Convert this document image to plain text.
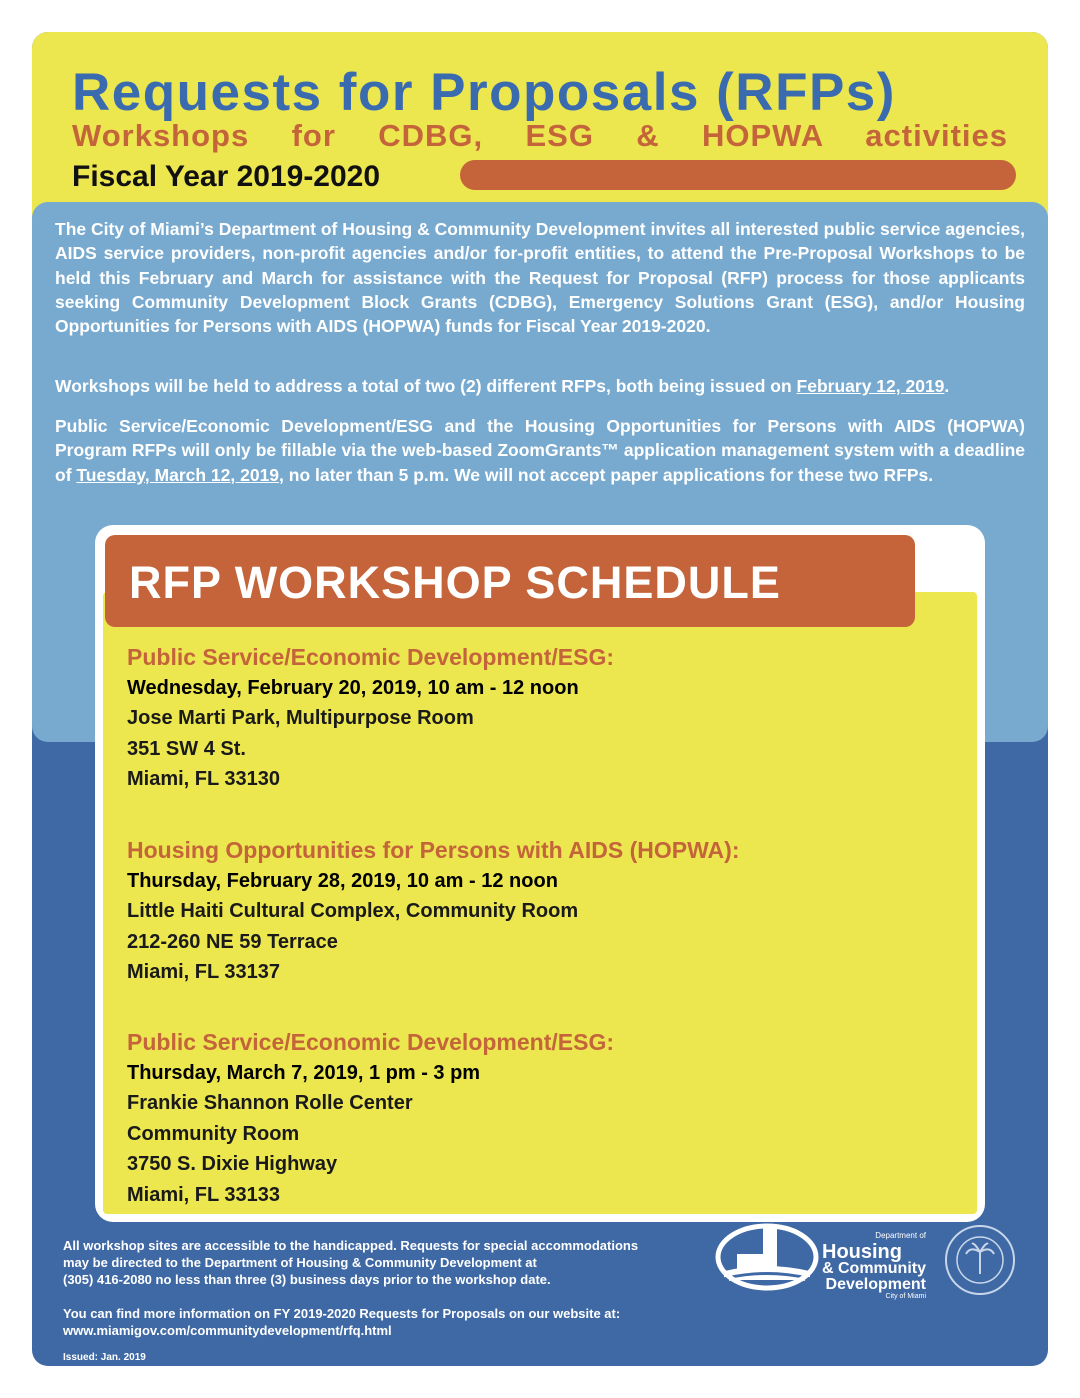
Requests for Proposals (RFPs)
Workshops for CDBG, ESG & HOPWA activities
Fiscal Year 2019-2020
The City of Miami’s Department of Housing & Community Development invites all interested public service agencies, AIDS service providers, non-profit agencies and/or for-profit entities, to attend the Pre-Proposal Workshops to be held this February and March for assistance with the Request for Proposal (RFP) process for those applicants seeking Community Development Block Grants (CDBG), Emergency Solutions Grant (ESG), and/or Housing Opportunities for Persons with AIDS (HOPWA) funds for Fiscal Year 2019-2020.
Workshops will be held to address a total of two (2) different RFPs, both being issued on February 12, 2019.
Public Service/Economic Development/ESG and the Housing Opportunities for Persons with AIDS (HOPWA) Program RFPs will only be fillable via the web-based ZoomGrants™ application management system with a deadline of Tuesday, March 12, 2019, no later than 5 p.m. We will not accept paper applications for these two RFPs.
RFP WORKSHOP SCHEDULE
Public Service/Economic Development/ESG:
Wednesday, February 20, 2019, 10 am - 12 noon
Jose Marti Park, Multipurpose Room
351 SW 4 St.
Miami, FL 33130
Housing Opportunities for Persons with AIDS (HOPWA):
Thursday, February 28, 2019, 10 am - 12 noon
Little Haiti Cultural Complex, Community Room
212-260 NE 59 Terrace
Miami, FL 33137
Public Service/Economic Development/ESG:
Thursday, March 7, 2019, 1 pm - 3 pm
Frankie Shannon Rolle Center
Community Room
3750 S. Dixie Highway
Miami, FL 33133
All workshop sites are accessible to the handicapped. Requests for special accommodations
may be directed to the Department of Housing & Community Development at
(305) 416-2080 no less than three (3) business days prior to the workshop date.
You can find more information on FY 2019-2020 Requests for Proposals on our website at:
www.miamigov.com/communitydevelopment/rfq.html
Issued: Jan. 2019
Department of
Housing
& Community
Development
City of Miami
